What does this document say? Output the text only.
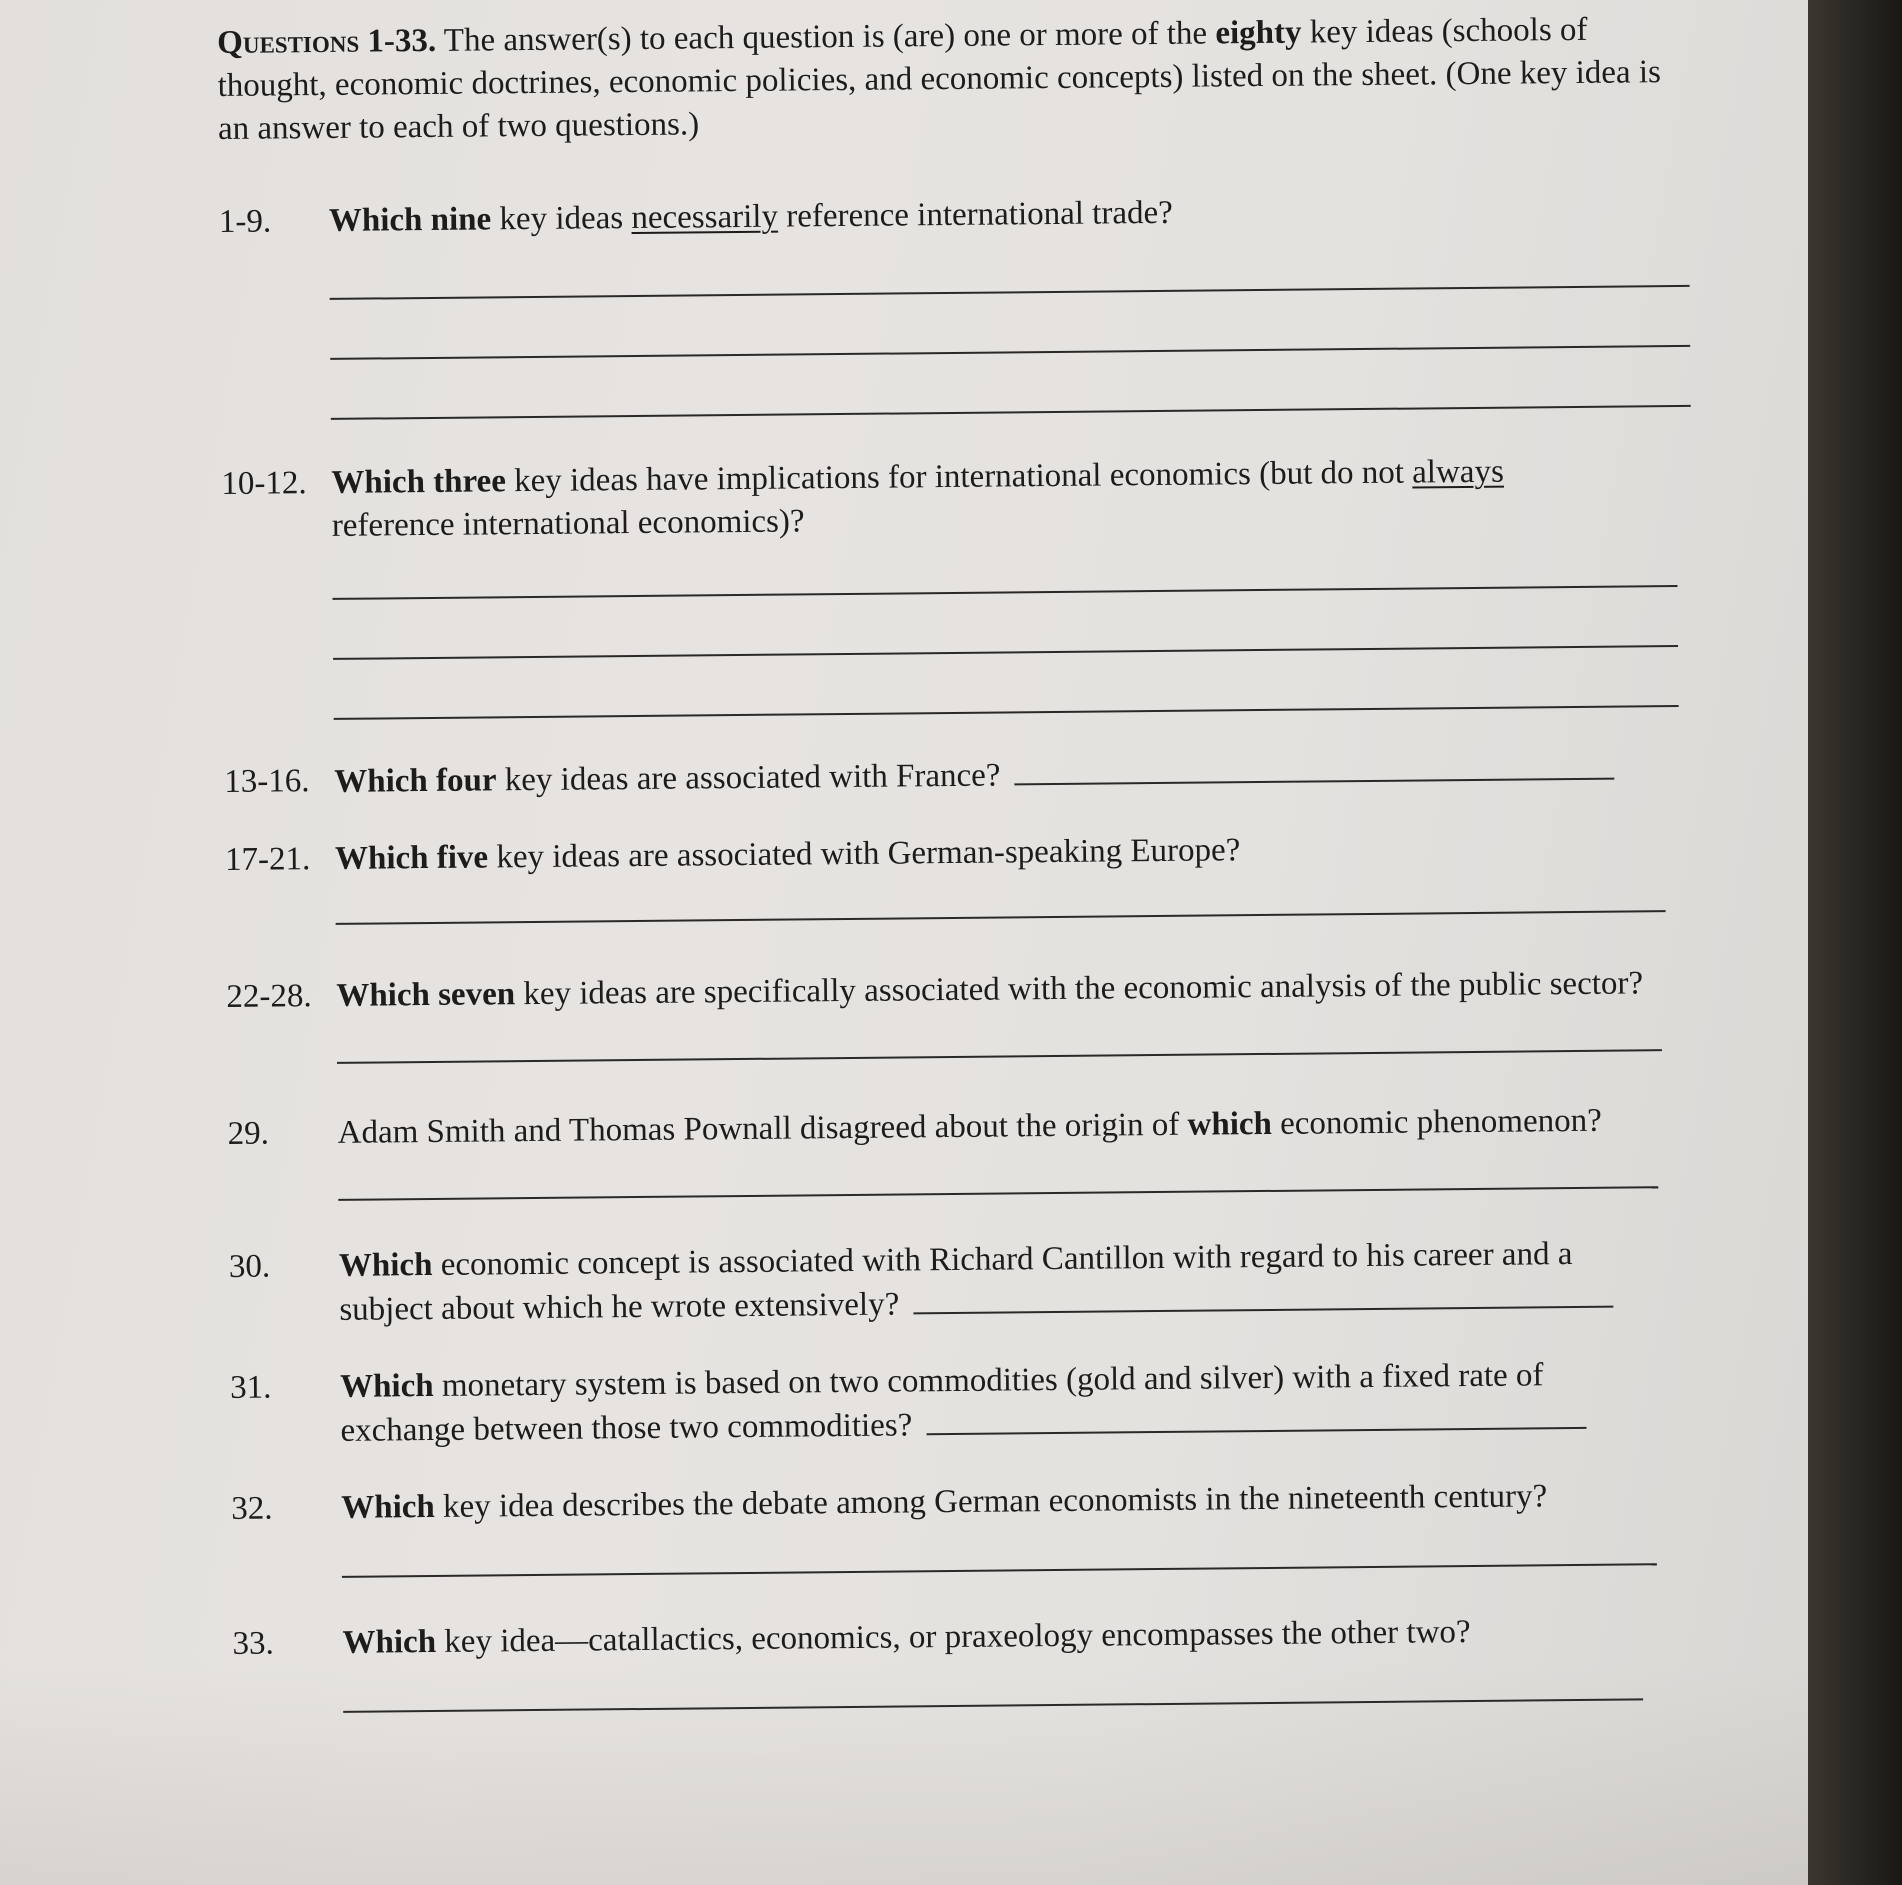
Questions 1-33. The answer(s) to each question is (are) one or more of the eighty key ideas (schools of thought, economic doctrines, economic policies, and economic concepts) listed on the sheet. (One key idea is an answer to each of two questions.)

1-9.	Which nine key ideas necessarily reference international trade?
10-12. Which three key ideas have implications for international economics (but do not always reference international economics)?
13-16. Which four key ideas are associated with France?
17-21. Which five key ideas are associated with German-speaking Europe?
22-28. Which seven key ideas are specifically associated with the economic analysis of the public sector?
29.	Adam Smith and Thomas Pownall disagreed about the origin of which economic phenomenon?
30.	Which economic concept is associated with Richard Cantillon with regard to his career and a subject about which he wrote extensively?
31.	Which monetary system is based on two commodities (gold and silver) with a fixed rate of exchange between those two commodities?
32.	Which key idea describes the debate among German economists in the nineteenth century?
33.	Which key idea—catallactics, economics, or praxeology encompasses the other two?
